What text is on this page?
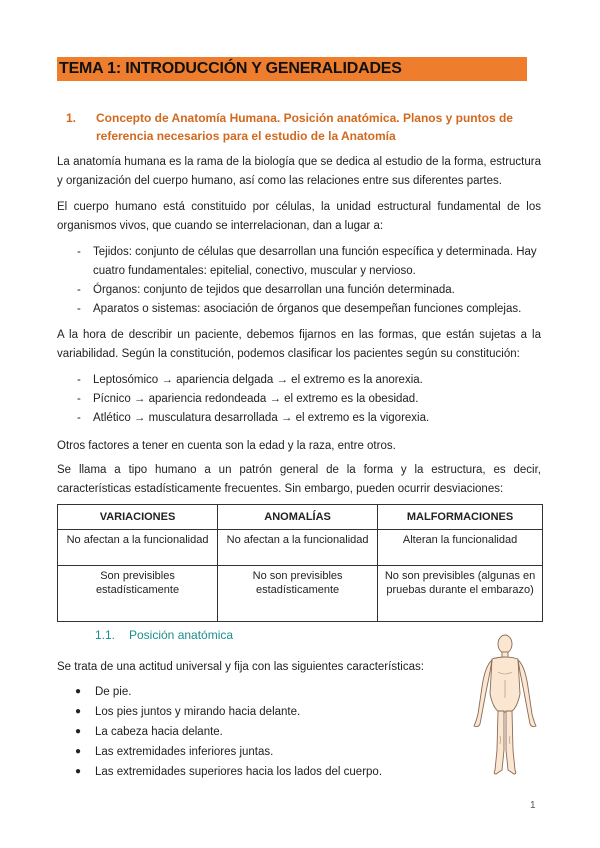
TEMA 1: INTRODUCCIÓN Y GENERALIDADES
1. Concepto de Anatomía Humana. Posición anatómica. Planos y puntos de referencia necesarios para el estudio de la Anatomía
La anatomía humana es la rama de la biología que se dedica al estudio de la forma, estructura y organización del cuerpo humano, así como las relaciones entre sus diferentes partes.
El cuerpo humano está constituido por células, la unidad estructural fundamental de los organismos vivos, que cuando se interrelacionan, dan a lugar a:
- Tejidos: conjunto de células que desarrollan una función específica y determinada. Hay cuatro fundamentales: epitelial, conectivo, muscular y nervioso.
- Órganos: conjunto de tejidos que desarrollan una función determinada.
- Aparatos o sistemas: asociación de órganos que desempeñan funciones complejas.
A la hora de describir un paciente, debemos fijarnos en las formas, que están sujetas a la variabilidad. Según la constitución, podemos clasificar los pacientes según su constitución:
- Leptosómico → apariencia delgada → el extremo es la anorexia.
- Pícnico → apariencia redondeada → el extremo es la obesidad.
- Atlético → musculatura desarrollada → el extremo es la vigorexia.
Otros factores a tener en cuenta son la edad y la raza, entre otros.
Se llama a tipo humano a un patrón general de la forma y la estructura, es decir, características estadísticamente frecuentes. Sin embargo, pueden ocurrir desviaciones:
VARIACIONES	ANOMALÍAS	MALFORMACIONES
No afectan a la funcionalidad	No afectan a la funcionalidad	Alteran la funcionalidad
Son previsibles estadísticamente	No son previsibles estadísticamente	No son previsibles (algunas en pruebas durante el embarazo)
1.1. Posición anatómica
Se trata de una actitud universal y fija con las siguientes características:
● De pie.
● Los pies juntos y mirando hacia delante.
● La cabeza hacia delante.
● Las extremidades inferiores juntas.
● Las extremidades superiores hacia los lados del cuerpo.
1
